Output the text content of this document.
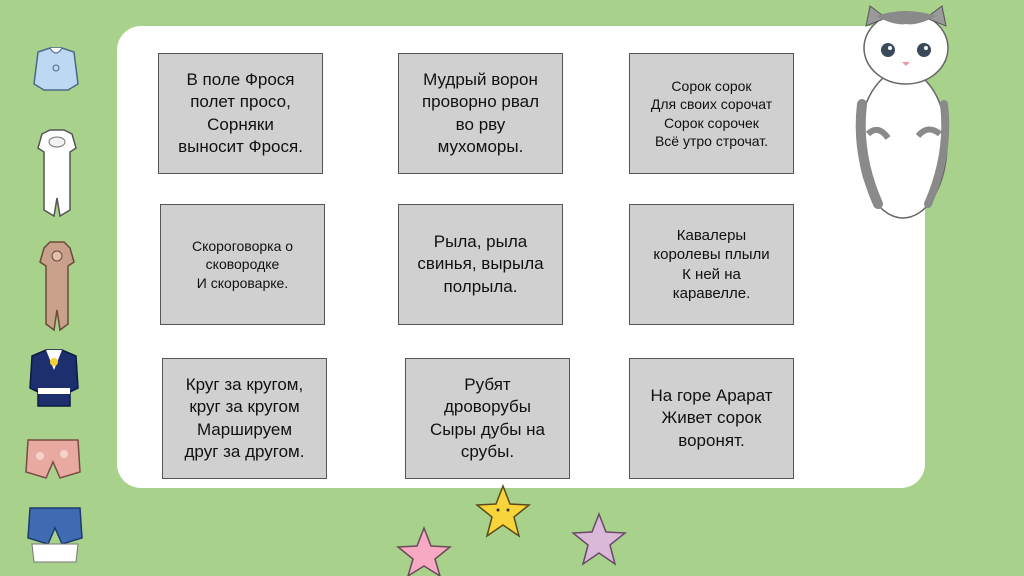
В поле Фрося
полет просо,
Сорняки
выносит Фрося.
Мудрый ворон
проворно рвал
во рву
мухоморы.
Сорок сорок
Для своих сорочат
Сорок сорочек
Всё утро строчат.
Скороговорка о
сковородке
И скороварке.
Рыла, рыла
свинья, вырыла
полрыла.
Кавалеры
королевы плыли
К ней на
каравелле.
Круг за кругом,
круг за кругом
Маршируем
друг за другом.
Рубят
дроворубы
Сыры дубы на
срубы.
На горе Арарат
Живет сорок
воронят.
